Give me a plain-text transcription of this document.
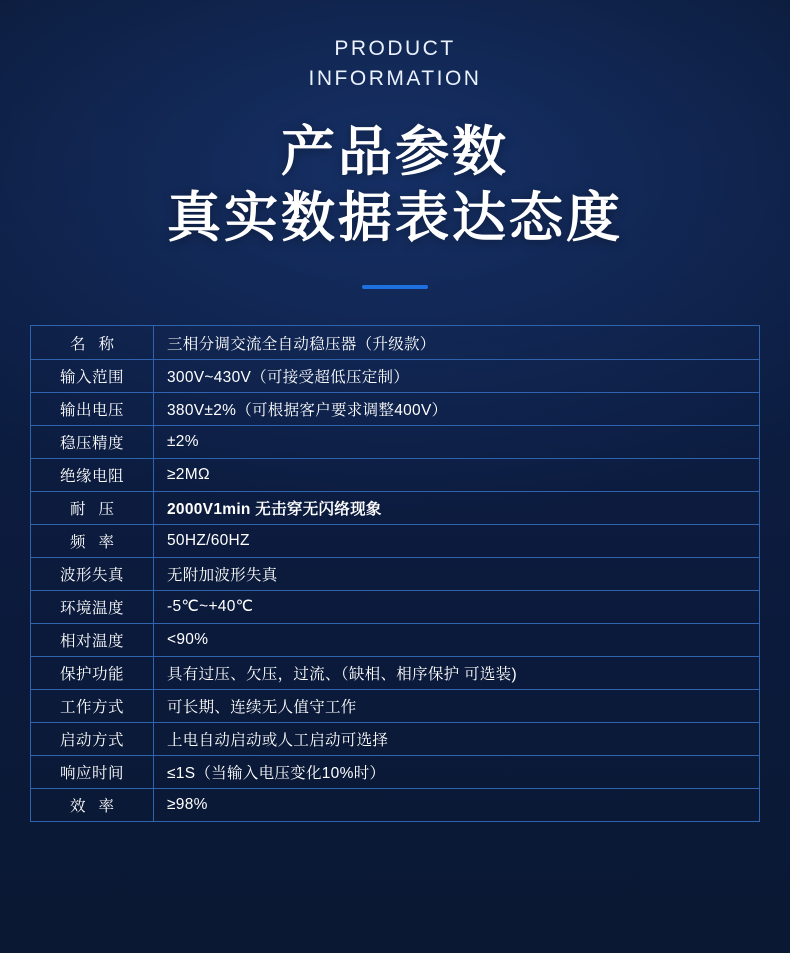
PRODUCT
INFORMATION
产品参数
真实数据表达态度
名称	三相分调交流全自动稳压器（升级款）
输入范围	300V~430V（可接受超低压定制）
输出电压	380V±2%（可根据客户要求调整400V）
稳压精度	±2%
绝缘电阻	≥2MΩ
耐压	2000V1min 无击穿无闪络现象
频率	50HZ/60HZ
波形失真	无附加波形失真
环境温度	-5℃~+40℃
相对温度	<90%
保护功能	具有过压、欠压，过流、（缺相、相序保护 可选装)
工作方式	可长期、连续无人值守工作
启动方式	上电自动启动或人工启动可选择
响应时间	≤1S（当输入电压变化10%时）
效率	≥98%
